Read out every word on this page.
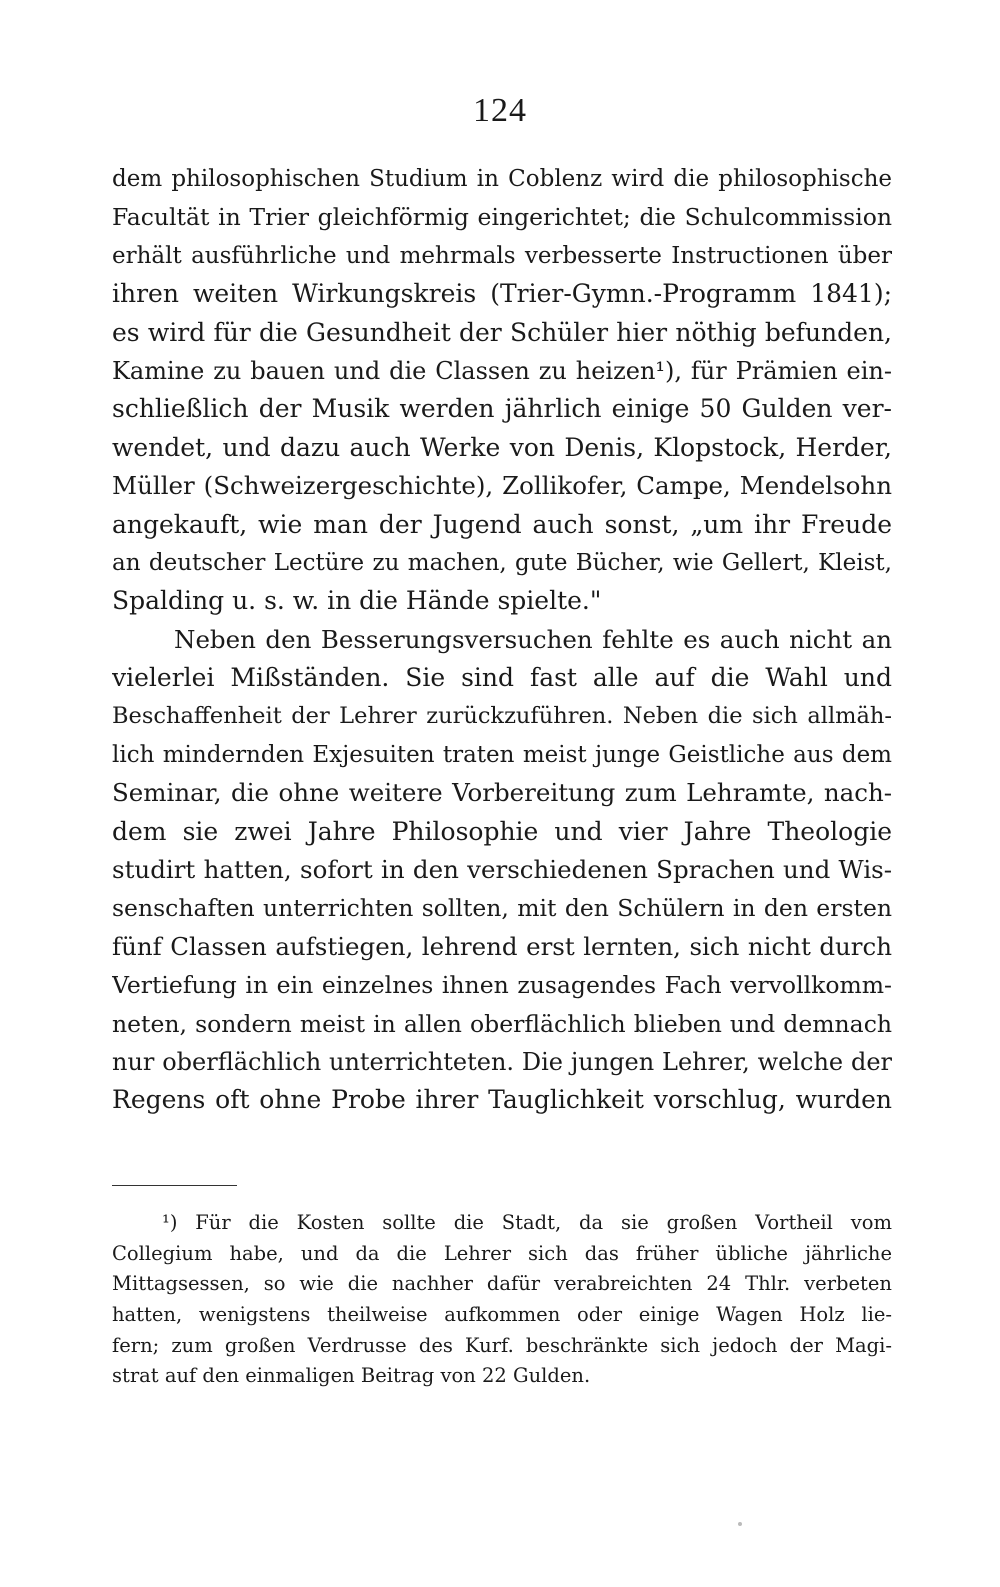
124
dem philosophischen Studium in Coblenz wird die philosophische
Facultät in Trier gleichförmig eingerichtet; die Schulcommission
erhält ausführliche und mehrmals verbesserte Instructionen über
ihren weiten Wirkungskreis (Trier-Gymn.-Programm 1841);
es wird für die Gesundheit der Schüler hier nöthig befunden,
Kamine zu bauen und die Classen zu heizen¹), für Prämien ein-
schließlich der Musik werden jährlich einige 50 Gulden ver-
wendet, und dazu auch Werke von Denis, Klopstock, Herder,
Müller (Schweizergeschichte), Zollikofer, Campe, Mendelsohn
angekauft, wie man der Jugend auch sonst, „um ihr Freude
an deutscher Lectüre zu machen, gute Bücher, wie Gellert, Kleist,
Spalding u. s. w. in die Hände spielte."
Neben den Besserungsversuchen fehlte es auch nicht an
vielerlei Mißständen. Sie sind fast alle auf die Wahl und
Beschaffenheit der Lehrer zurückzuführen. Neben die sich allmäh-
lich mindernden Exjesuiten traten meist junge Geistliche aus dem
Seminar, die ohne weitere Vorbereitung zum Lehramte, nach-
dem sie zwei Jahre Philosophie und vier Jahre Theologie
studirt hatten, sofort in den verschiedenen Sprachen und Wis-
senschaften unterrichten sollten, mit den Schülern in den ersten
fünf Classen aufstiegen, lehrend erst lernten, sich nicht durch
Vertiefung in ein einzelnes ihnen zusagendes Fach vervollkomm-
neten, sondern meist in allen oberflächlich blieben und demnach
nur oberflächlich unterrichteten. Die jungen Lehrer, welche der
Regens oft ohne Probe ihrer Tauglichkeit vorschlug, wurden
¹) Für die Kosten sollte die Stadt, da sie großen Vortheil vom
Collegium habe, und da die Lehrer sich das früher übliche jährliche
Mittagsessen, so wie die nachher dafür verabreichten 24 Thlr. verbeten
hatten, wenigstens theilweise aufkommen oder einige Wagen Holz lie-
fern; zum großen Verdrusse des Kurf. beschränkte sich jedoch der Magi-
strat auf den einmaligen Beitrag von 22 Gulden.
